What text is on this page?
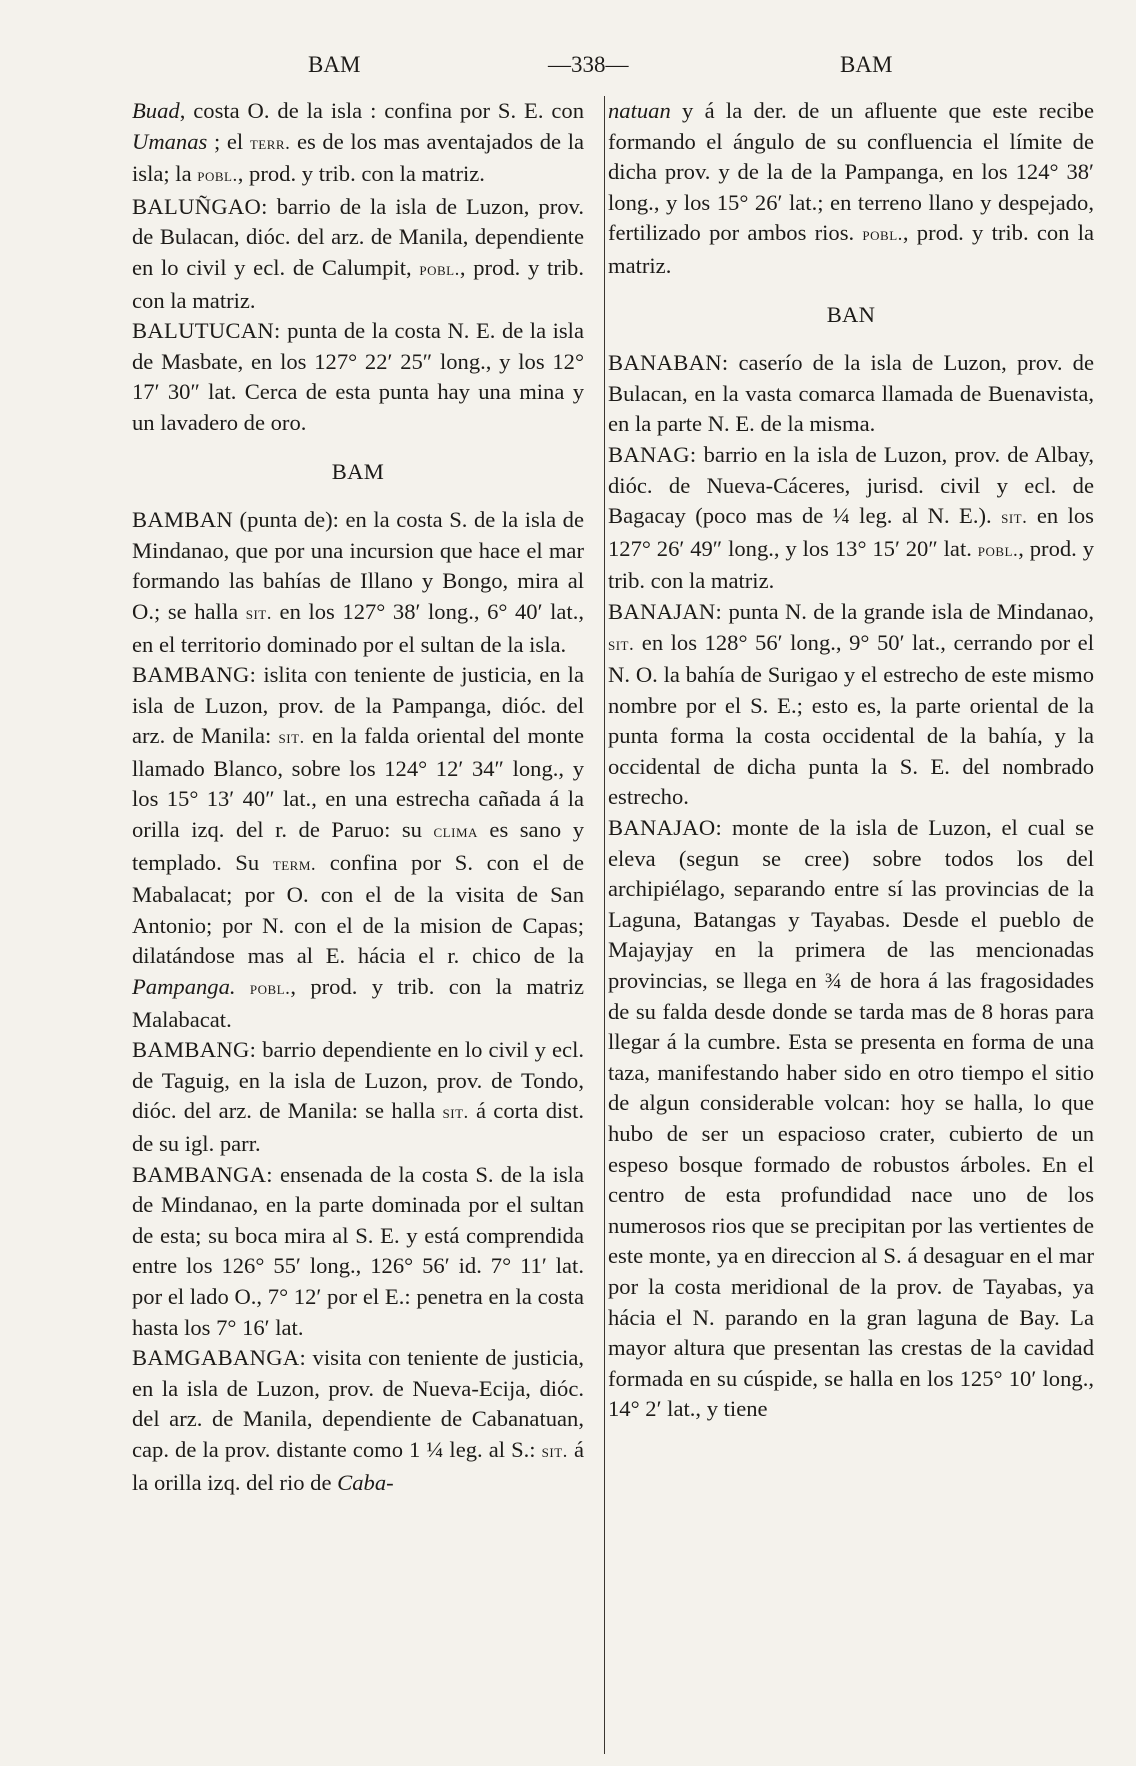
BAM	—338—	BAM

Buad, costa O. de la isla : confina por S. E. con Umanas ; el terr. es de los mas aventajados de la isla; la pobl., prod. y trib. con la matriz.

BALUÑGAO: barrio de la isla de Luzon, prov. de Bulacan, dióc. del arz. de Manila, dependiente en lo civil y ecl. de Calumpit, pobl., prod. y trib. con la matriz.

BALUTUCAN: punta de la costa N. E. de la isla de Masbate, en los 127° 22′ 25″ long., y los 12° 17′ 30″ lat. Cerca de esta punta hay una mina y un lavadero de oro.

BAM

BAMBAN (punta de): en la costa S. de la isla de Mindanao, que por una incursion que hace el mar formando las bahías de Illano y Bongo, mira al O.; se halla sit. en los 127° 38′ long., 6° 40′ lat., en el territorio dominado por el sultan de la isla.

BAMBANG: islita con teniente de justicia, en la isla de Luzon, prov. de la Pampanga, dióc. del arz. de Manila: sit. en la falda oriental del monte llamado Blanco, sobre los 124° 12′ 34″ long., y los 15° 13′ 40″ lat., en una estrecha cañada á la orilla izq. del r. de Paruo: su clima es sano y templado. Su term. confina por S. con el de Mabalacat; por O. con el de la visita de San Antonio; por N. con el de la mision de Capas; dilatándose mas al E. hácia el r. chico de la Pampanga. pobl., prod. y trib. con la matriz Malabacat.

BAMBANG: barrio dependiente en lo civil y ecl. de Taguig, en la isla de Luzon, prov. de Tondo, dióc. del arz. de Manila: se halla sit. á corta dist. de su igl. parr.

BAMBANGA: ensenada de la costa S. de la isla de Mindanao, en la parte dominada por el sultan de esta; su boca mira al S. E. y está comprendida entre los 126° 55′ long., 126° 56′ id. 7° 11′ lat. por el lado O., 7° 12′ por el E.: penetra en la costa hasta los 7° 16′ lat.

BAMGABANGA: visita con teniente de justicia, en la isla de Luzon, prov. de Nueva-Ecija, dióc. del arz. de Manila, dependiente de Cabanatuan, cap. de la prov. distante como 1 ¼ leg. al S.: sit. á la orilla izq. del rio de Caba-

natuan y á la der. de un afluente que este recibe formando el ángulo de su confluencia el límite de dicha prov. y de la de la Pampanga, en los 124° 38′ long., y los 15° 26′ lat.; en terreno llano y despejado, fertilizado por ambos rios. pobl., prod. y trib. con la matriz.

BAN

BANABAN: caserío de la isla de Luzon, prov. de Bulacan, en la vasta comarca llamada de Buenavista, en la parte N. E. de la misma.

BANAG: barrio en la isla de Luzon, prov. de Albay, dióc. de Nueva-Cáceres, jurisd. civil y ecl. de Bagacay (poco mas de ¼ leg. al N. E.). sit. en los 127° 26′ 49″ long., y los 13° 15′ 20″ lat. pobl., prod. y trib. con la matriz.

BANAJAN: punta N. de la grande isla de Mindanao, sit. en los 128° 56′ long., 9° 50′ lat., cerrando por el N. O. la bahía de Surigao y el estrecho de este mismo nombre por el S. E.; esto es, la parte oriental de la punta forma la costa occidental de la bahía, y la occidental de dicha punta la S. E. del nombrado estrecho.

BANAJAO: monte de la isla de Luzon, el cual se eleva (segun se cree) sobre todos los del archipiélago, separando entre sí las provincias de la Laguna, Batangas y Tayabas. Desde el pueblo de Majayjay en la primera de las mencionadas provincias, se llega en ¾ de hora á las fragosidades de su falda desde donde se tarda mas de 8 horas para llegar á la cumbre. Esta se presenta en forma de una taza, manifestando haber sido en otro tiempo el sitio de algun considerable volcan: hoy se halla, lo que hubo de ser un espacioso crater, cubierto de un espeso bosque formado de robustos árboles. En el centro de esta profundidad nace uno de los numerosos rios que se precipitan por las vertientes de este monte, ya en direccion al S. á desaguar en el mar por la costa meridional de la prov. de Tayabas, ya hácia el N. parando en la gran laguna de Bay. La mayor altura que presentan las crestas de la cavidad formada en su cúspide, se halla en los 125° 10′ long., 14° 2′ lat., y tiene
